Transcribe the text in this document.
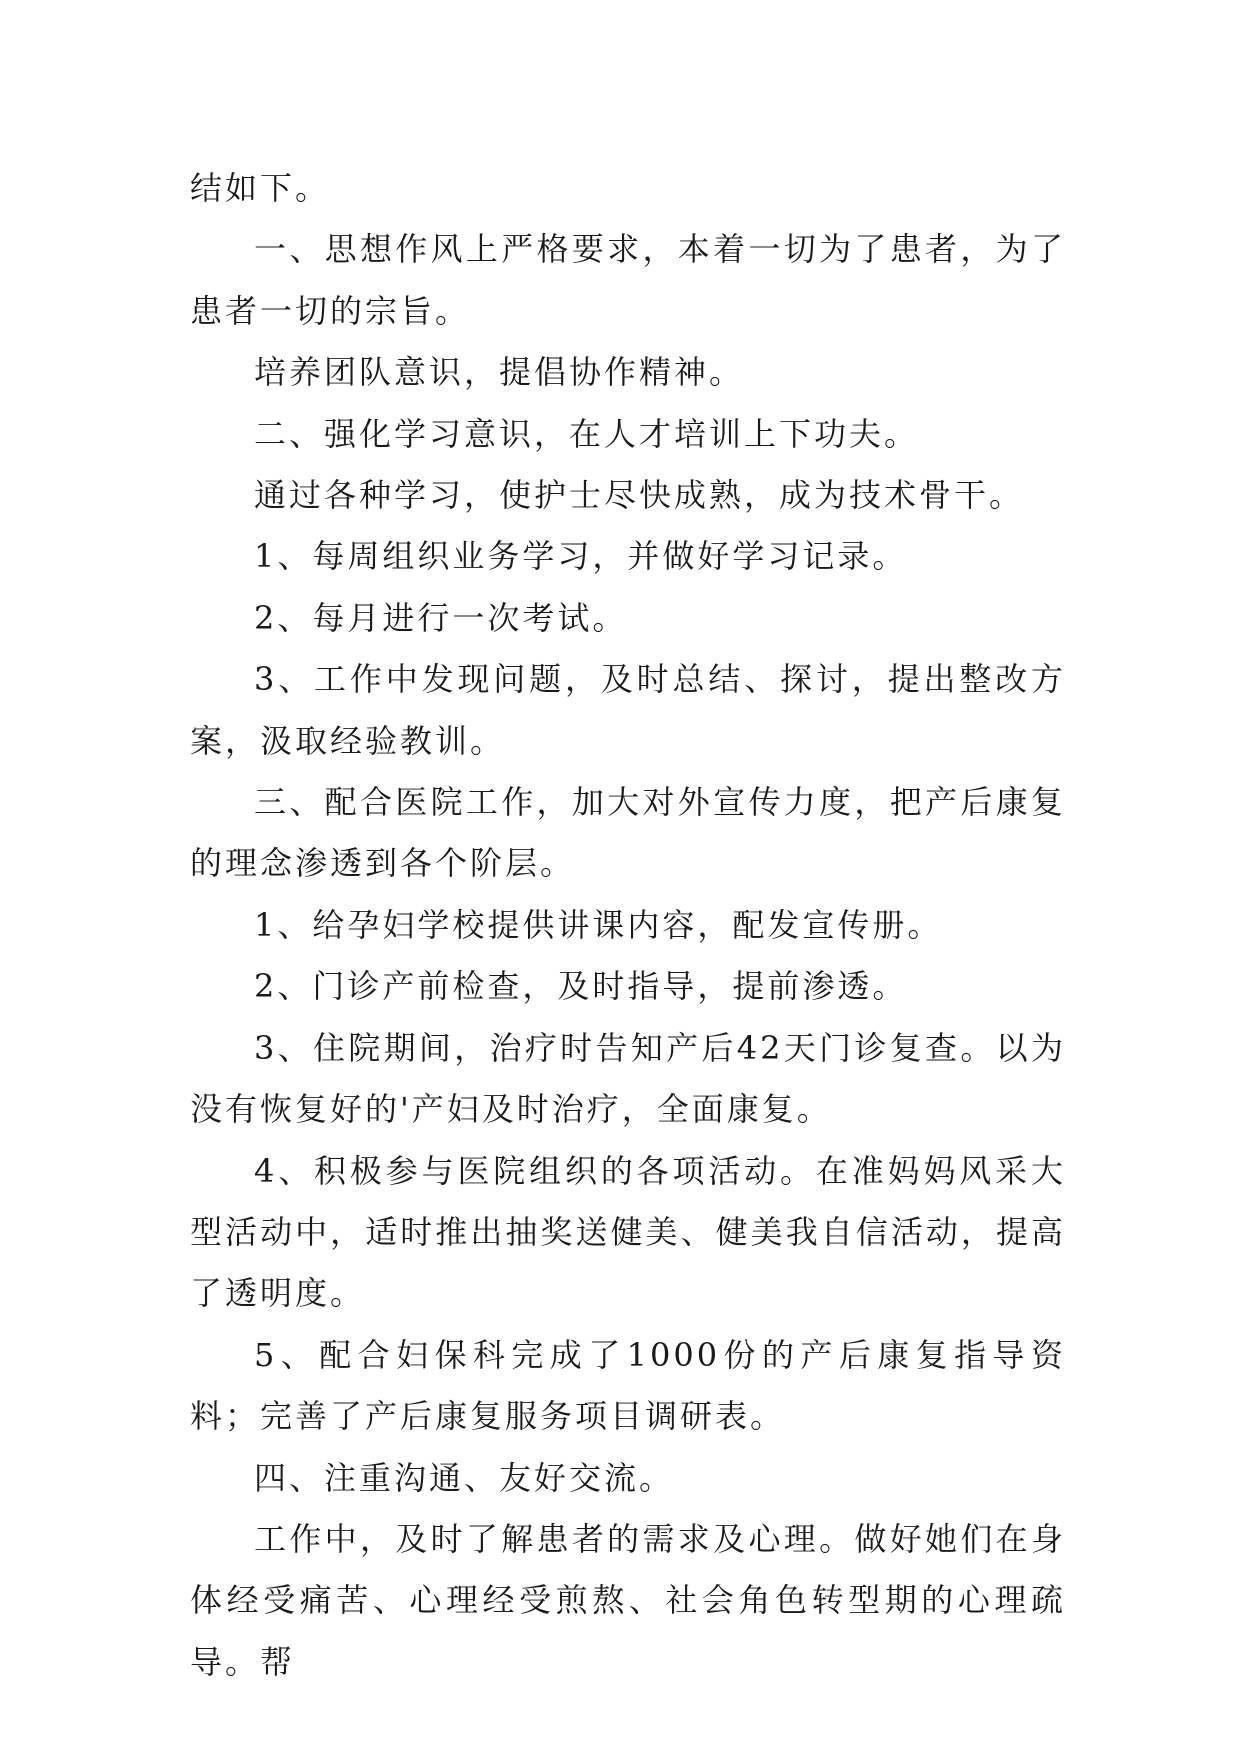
结如下。

一、思想作风上严格要求，本着一切为了患者，为了患者一切的宗旨。

培养团队意识，提倡协作精神。

二、强化学习意识，在人才培训上下功夫。

通过各种学习，使护士尽快成熟，成为技术骨干。

1、每周组织业务学习，并做好学习记录。

2、每月进行一次考试。

3、工作中发现问题，及时总结、探讨，提出整改方案，汲取经验教训。

三、配合医院工作，加大对外宣传力度，把产后康复的理念渗透到各个阶层。

1、给孕妇学校提供讲课内容，配发宣传册。

2、门诊产前检查，及时指导，提前渗透。

3、住院期间，治疗时告知产后42天门诊复查。以为没有恢复好的'产妇及时治疗，全面康复。

4、积极参与医院组织的各项活动。在准妈妈风采大型活动中，适时推出抽奖送健美、健美我自信活动，提高了透明度。

5、配合妇保科完成了1000份的产后康复指导资料；完善了产后康复服务项目调研表。

四、注重沟通、友好交流。

工作中，及时了解患者的需求及心理。做好她们在身体经受痛苦、心理经受煎熬、社会角色转型期的心理疏导。帮
